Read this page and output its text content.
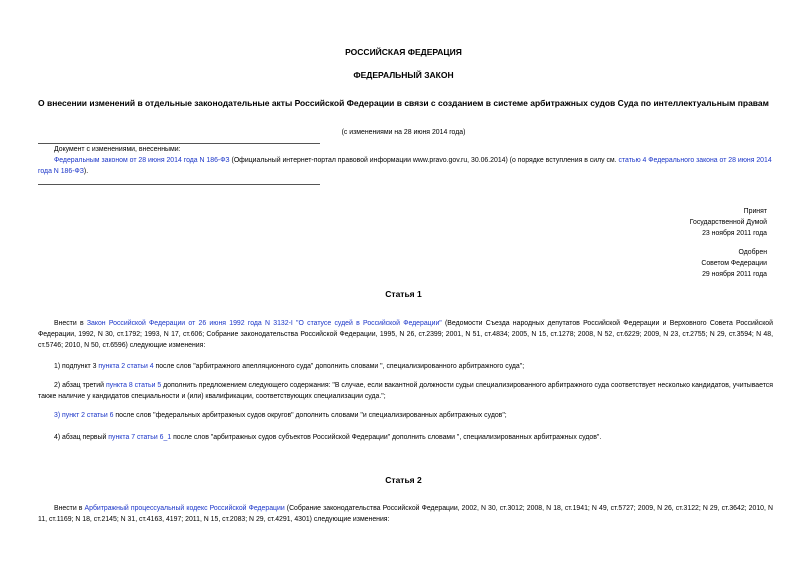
РОССИЙСКАЯ ФЕДЕРАЦИЯ
ФЕДЕРАЛЬНЫЙ ЗАКОН
О внесении изменений в отдельные законодательные акты Российской Федерации в связи с созданием в системе арбитражных судов Суда по интеллектуальным правам
(с изменениями на 28 июня 2014 года)
Документ с изменениями, внесенными:
Федеральным законом от 28 июня 2014 года N 186-ФЗ (Официальный интернет-портал правовой информации www.pravo.gov.ru, 30.06.2014) (о порядке вступления в силу см. статью 4 Федерального закона от 28 июня 2014 года N 186-ФЗ).
Принят
Государственной Думой
23 ноября 2011 года
Одобрен
Советом Федерации
29 ноября 2011 года
Статья 1
Внести в Закон Российской Федерации от 26 июня 1992 года N 3132-I "О статусе судей в Российской Федерации" (Ведомости Съезда народных депутатов Российской Федерации и Верховного Совета Российской Федерации, 1992, N 30, ст.1792; 1993, N 17, ст.606; Собрание законодательства Российской Федерации, 1995, N 26, ст.2399; 2001, N 51, ст.4834; 2005, N 15, ст.1278; 2008, N 52, ст.6229; 2009, N 23, ст.2755; N 29, ст.3594; N 48, ст.5746; 2010, N 50, ст.6596) следующие изменения:
1) подпункт 3 пункта 2 статьи 4 после слов "арбитражного апелляционного суда" дополнить словами ", специализированного арбитражного суда";
2) абзац третий пункта 8 статьи 5 дополнить предложением следующего содержания: "В случае, если вакантной должности судьи специализированного арбитражного суда соответствует несколько кандидатов, учитывается также наличие у кандидатов специальности и (или) квалификации, соответствующих специализации суда.";
3) пункт 2 статьи 6 после слов "федеральных арбитражных судов округов" дополнить словами "и специализированных арбитражных судов";
4) абзац первый пункта 7 статьи 6_1 после слов "арбитражных судов субъектов Российской Федерации" дополнить словами ", специализированных арбитражных судов".
Статья 2
Внести в Арбитражный процессуальный кодекс Российской Федерации (Собрание законодательства Российской Федерации, 2002, N 30, ст.3012; 2008, N 18, ст.1941; N 49, ст.5727; 2009, N 26, ст.3122; N 29, ст.3642; 2010, N 11, ст.1169; N 18, ст.2145; N 31, ст.4163, 4197; 2011, N 15, ст.2083; N 29, ст.4291, 4301) следующие изменения:
